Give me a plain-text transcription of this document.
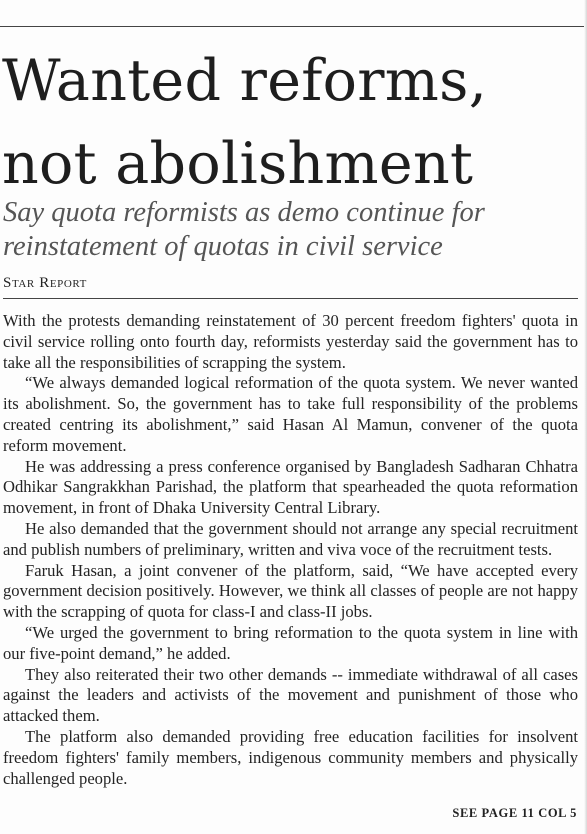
Wanted reforms,
not abolishment

Say quota reformists as demo continue for reinstatement of quotas in civil service

Star Report

With the protests demanding reinstatement of 30 percent freedom fighters' quota in civil service rolling onto fourth day, reformists yesterday said the government has to take all the responsibilities of scrapping the system.

“We always demanded logical reformation of the quota system. We never wanted its abolishment. So, the government has to take full responsibility of the problems created centring its abolishment,” said Hasan Al Mamun, convener of the quota reform movement.

He was addressing a press conference organised by Bangladesh Sadharan Chhatra Odhikar Sangrakkhan Parishad, the platform that spearheaded the quota reformation movement, in front of Dhaka University Central Library.

He also demanded that the government should not arrange any special recruitment and publish numbers of preliminary, written and viva voce of the recruitment tests.

Faruk Hasan, a joint convener of the platform, said, “We have accepted every government decision positively. However, we think all classes of people are not happy with the scrapping of quota for class-I and class-II jobs.

“We urged the government to bring reformation to the quota system in line with our five-point demand,” he added.

They also reiterated their two other demands -- immediate withdrawal of all cases against the leaders and activists of the movement and punishment of those who attacked them.

The platform also demanded providing free education facilities for insolvent freedom fighters' family members, indigenous community members and physically challenged people.

SEE PAGE 11 COL 5
